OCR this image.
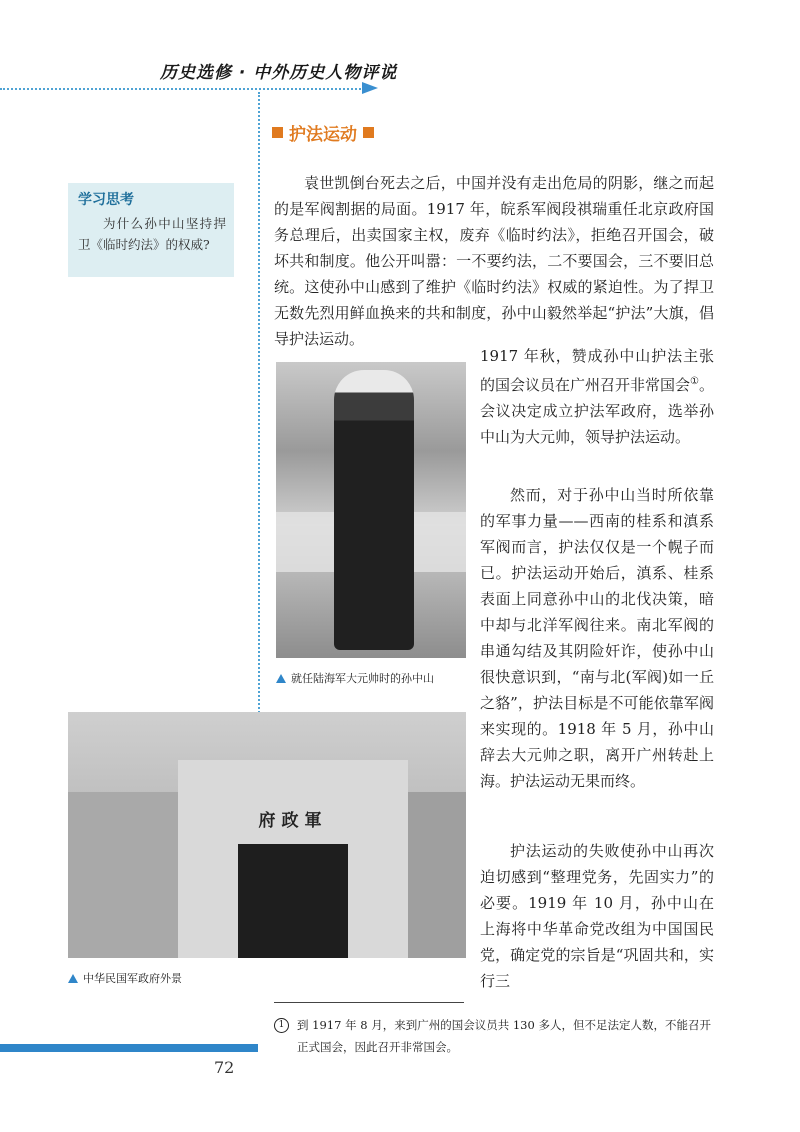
历史选修 · 中外历史人物评说
护法运动
学习思考
为什么孙中山坚持捍卫《临时约法》的权威?
袁世凯倒台死去之后，中国并没有走出危局的阴影，继之而起的是军阀割据的局面。1917 年，皖系军阀段祺瑞重任北京政府国务总理后，出卖国家主权，废弃《临时约法》，拒绝召开国会，破坏共和制度。他公开叫嚣：一不要约法，二不要国会，三不要旧总统。这使孙中山感到了维护《临时约法》权威的紧迫性。为了捍卫无数先烈用鲜血换来的共和制度，孙中山毅然举起“护法”大旗，倡导护法运动。
1917 年秋，赞成孙中山护法主张的国会议员在广州召开非常国会①。会议决定成立护法军政府，选举孙中山为大元帅，领导护法运动。
就任陆海军大元帅时的孙中山
然而，对于孙中山当时所依靠的军事力量——西南的桂系和滇系军阀而言，护法仅仅是一个幌子而已。护法运动开始后，滇系、桂系表面上同意孙中山的北伐决策，暗中却与北洋军阀往来。南北军阀的串通勾结及其阴险奸诈，使孙中山很快意识到，“南与北(军阀)如一丘之貉”，护法目标是不可能依靠军阀来实现的。1918 年 5 月，孙中山辞去大元帅之职，离开广州转赴上海。护法运动无果而终。
府政軍
中华民国军政府外景
护法运动的失败使孙中山再次迫切感到“整理党务，先固实力”的必要。1919 年 10 月，孙中山在上海将中华革命党改组为中国国民党，确定党的宗旨是“巩固共和，实行三
1	到 1917 年 8 月，来到广州的国会议员共 130 多人，但不足法定人数，不能召开正式国会，因此召开非常国会。
72
